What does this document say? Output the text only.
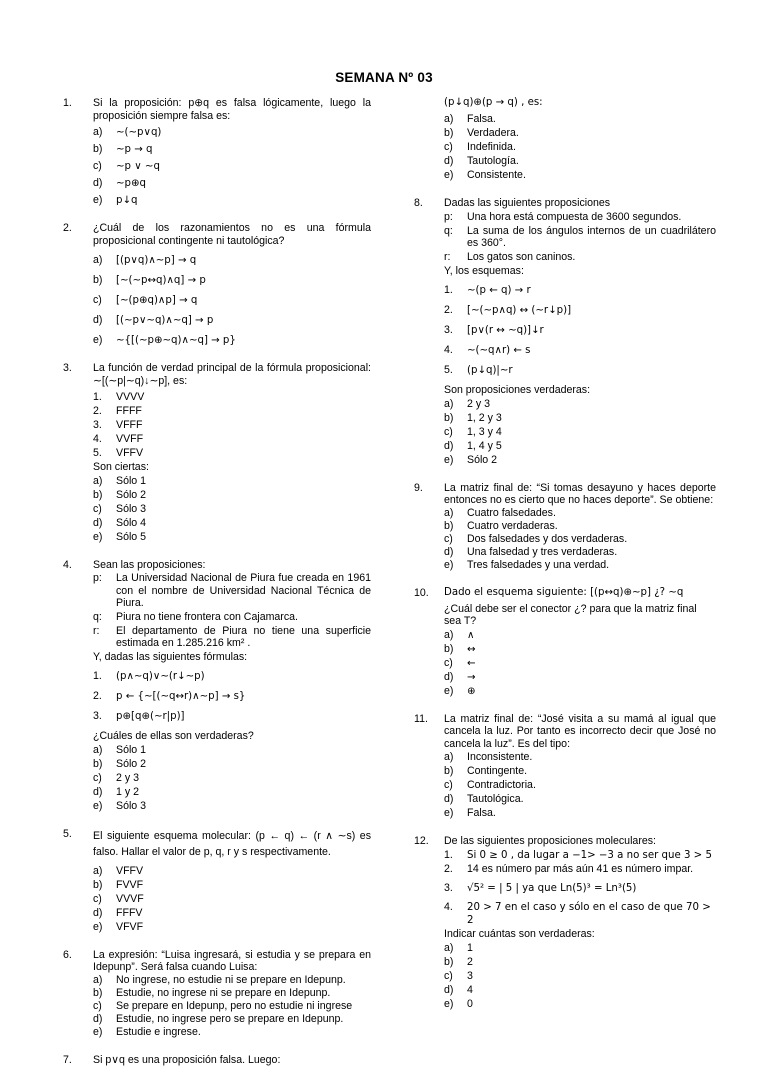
SEMANA Nº 03
1. Si la proposición: p⊕q es falsa lógicamente, luego la proposición siempre falsa es:
a) ∼(∼p∨q)
b) ∼p → q
c) ∼p ∨ ∼q
d) ∼p⊕q
e) p↓q
2. ¿Cuál de los razonamientos no es una fórmula proposicional contingente ni tautológica?
a) [(p∨q)∧∼p] → q
b) [∼(∼p↔q)∧q] → p
c) [∼(p⊕q)∧p] → q
d) [(∼p∨∼q)∧∼q] → p
e) ∼{[(∼p⊕∼q)∧∼q] → p}
3. La función de verdad principal de la fórmula proposicional: ∼[(∼p|∼q)↓∼p], es:
1. VVVV
2. FFFF
3. VFFF
4. VVFF
5. VFFV
Son ciertas:
a) Sólo 1
b) Sólo 2
c) Sólo 3
d) Sólo 4
e) Sólo 5
4. Sean las proposiciones:
p: La Universidad Nacional de Piura fue creada en 1961 con el nombre de Universidad Nacional Técnica de Piura.
q: Piura no tiene frontera con Cajamarca.
r: El departamento de Piura no tiene una superficie estimada en 1.285.216 km² .
Y, dadas las siguientes fórmulas:
1. (p∧∼q)∨∼(r↓∼p)
2. p ← {∼[(∼q↔r)∧∼p] → s}
3. p⊕[q⊕(∼r|p)]
¿Cuáles de ellas son verdaderas?
a) Sólo 1
b) Sólo 2
c) 2 y 3
d) 1 y 2
e) Sólo 3
5. El siguiente esquema molecular: (p ← q) ← (r ∧ ∼s) es falso. Hallar el valor de p, q, r y s respectivamente.
a) VFFV
b) FVVF
c) VVVF
d) FFFV
e) VFVF
6. La expresión: “Luisa ingresará, si estudia y se prepara en Idepunp”. Será falsa cuando Luisa:
a) No ingrese, no estudie ni se prepare en Idepunp.
b) Estudie, no ingrese ni se prepare en Idepunp.
c) Se prepare en Idepunp, pero no estudie ni ingrese
d) Estudie, no ingrese pero se prepare en Idepunp.
e) Estudie e ingrese.
7. Si p∨q es una proposición falsa. Luego:
(p↓q)⊕(p → q) , es:
a) Falsa.
b) Verdadera.
c) Indefinida.
d) Tautología.
e) Consistente.
8. Dadas las siguientes proposiciones
p: Una hora está compuesta de 3600 segundos.
q: La suma de los ángulos internos de un cuadrilátero es 360°.
r: Los gatos son caninos.
Y, los esquemas:
1. ∼(p ← q) → r
2. [∼(∼p∧q) ↔ (∼r↓p)]
3. [p∨(r ↔ ∼q)]↓r
4. ∼(∼q∧r) ← s
5. (p↓q)|∼r
Son proposiciones verdaderas:
a) 2 y 3
b) 1, 2 y 3
c) 1, 3 y 4
d) 1, 4 y 5
e) Sólo 2
9. La matriz final de: “Si tomas desayuno y haces deporte entonces no es cierto que no haces deporte”. Se obtiene:
a) Cuatro falsedades.
b) Cuatro verdaderas.
c) Dos falsedades y dos verdaderas.
d) Una falsedad y tres verdaderas.
e) Tres falsedades y una verdad.
10. Dado el esquema siguiente: [(p↔q)⊕∼p] ¿? ∼q
¿Cuál debe ser el conector ¿? para que la matriz final sea T?
a) ∧
b) ↔
c) ←
d) →
e) ⊕
11. La matriz final de: “José visita a su mamá al igual que cancela la luz. Por tanto es incorrecto decir que José no cancela la luz”. Es del tipo:
a) Inconsistente.
b) Contingente.
c) Contradictoria.
d) Tautológica.
e) Falsa.
12. De las siguientes proposiciones moleculares:
1. Si 0 ≥ 0 , da lugar a −1> −3 a no ser que 3 > 5
2. 14 es número par más aún 41 es número impar.
3. √5² = | 5 | ya que Ln(5)³ = Ln³(5)
4. 20 > 7 en el caso y sólo en el caso de que 70 > 2
Indicar cuántas son verdaderas:
a) 1
b) 2
c) 3
d) 4
e) 0
